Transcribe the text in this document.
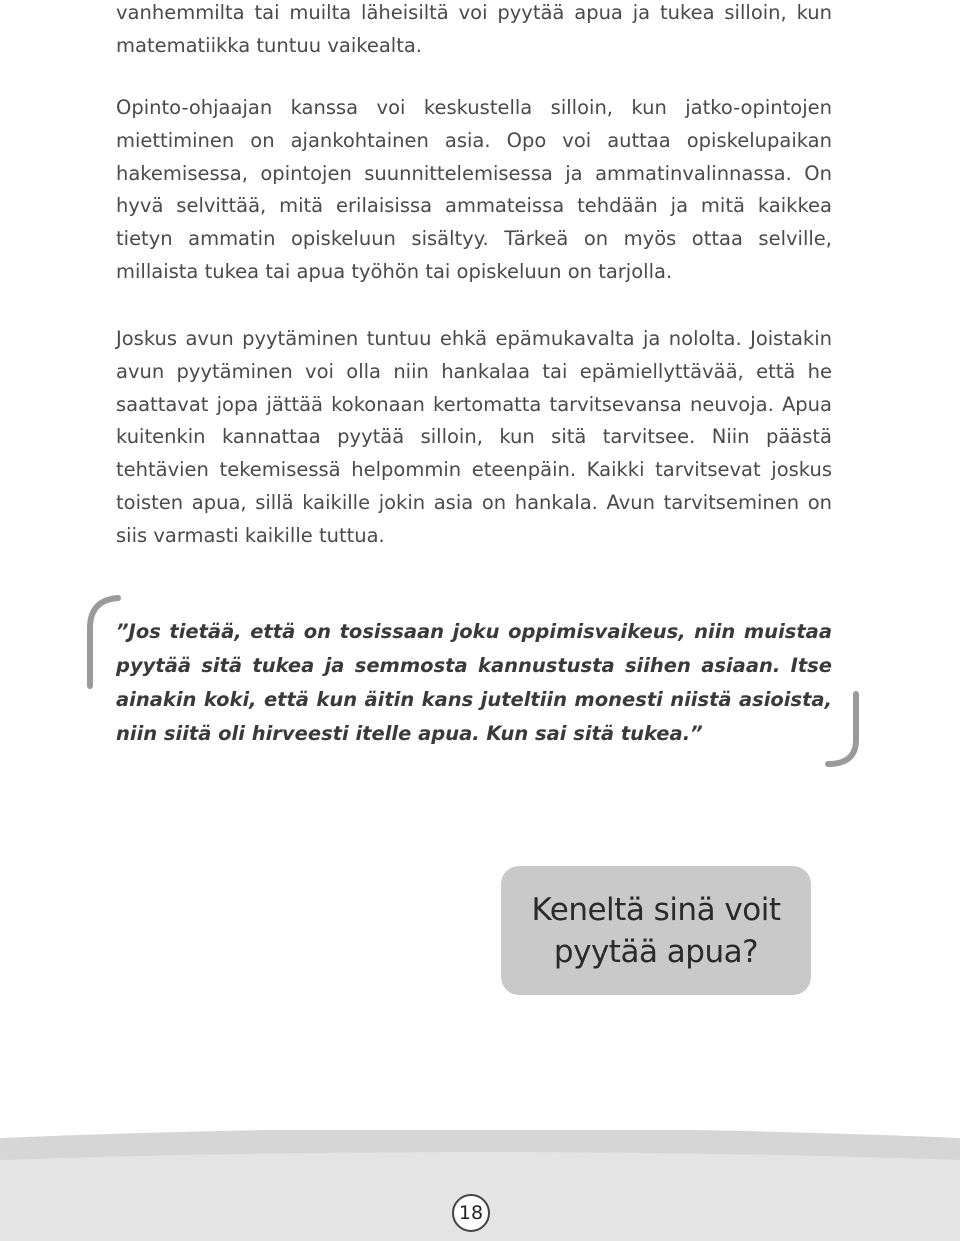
vanhemmilta tai muilta läheisiltä voi pyytää apua ja tukea silloin, kun matematiikka tuntuu vaikealta.

Opinto-ohjaajan kanssa voi keskustella silloin, kun jatko-opintojen miettiminen on ajankohtainen asia. Opo voi auttaa opiskelupaikan hakemisessa, opintojen suunnittelemisessa ja ammatinvalinnassa. On hyvä selvittää, mitä erilaisissa ammateissa tehdään ja mitä kaikkea tietyn ammatin opiskeluun sisältyy. Tärkeä on myös ottaa selville, millaista tukea tai apua työhön tai opiskeluun on tarjolla.

Joskus avun pyytäminen tuntuu ehkä epämukavalta ja nololta. Joistakin avun pyytäminen voi olla niin hankalaa tai epämiellyttävää, että he saattavat jopa jättää kokonaan kertomatta tarvitsevansa neuvoja. Apua kuitenkin kannattaa pyytää silloin, kun sitä tarvitsee. Niin päästä tehtävien tekemisessä helpommin eteenpäin. Kaikki tarvitsevat joskus toisten apua, sillä kaikille jokin asia on hankala. Avun tarvitseminen on siis varmasti kaikille tuttua.

”Jos tietää, että on tosissaan joku oppimisvaikeus, niin muistaa pyytää sitä tukea ja semmosta kannustusta siihen asiaan. Itse ainakin koki, että kun äitin kans juteltiin monesti niistä asioista, niin siitä oli hirveesti itelle apua. Kun sai sitä tukea.”

Keneltä sinä voit
pyytää apua?
18
